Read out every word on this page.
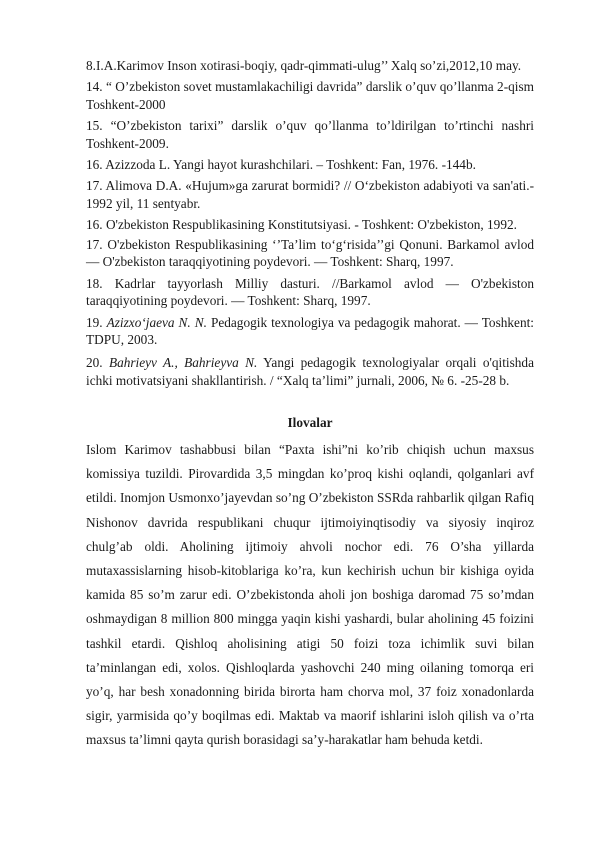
8.I.A.Karimov Inson xotirasi-boqiy, qadr-qimmati-ulug’’ Xalq so’zi,2012,10 may.

14. “ O’zbekiston sovet mustamlakachiligi davrida” darslik o’quv qo’llanma 2-qism Toshkent-2000

15. “O’zbekiston tarixi” darslik o’quv qo’llanma to’ldirilgan to’rtinchi nashri Toshkent-2009.

16. Azizzoda L. Yangi hayot kurashchilari. – Toshkent: Fan, 1976. -144b.

17. Alimova D.A. «Hujum»ga zarurat bormidi? // O‘zbekiston adabiyoti va san'ati.- 1992 yil, 11 sentyabr.

16. O'zbekiston Respublikasining Konstitutsiyasi. - Toshkent: O'zbekiston, 1992.

17. O'zbekiston Respublikasining ‘’Ta’lim to‘g‘risida’’gi Qonuni. Barkamol avlod — O'zbekiston taraqqiyotining poydevori. — Toshkent: Sharq, 1997.

18. Kadrlar tayyorlash Milliy dasturi. //Barkamol avlod — O'zbekiston taraqqiyotining poydevori. — Toshkent: Sharq, 1997.

19. Azizxo‘jaeva N. N. Pedagogik texnologiya va pedagogik mahorat. — Toshkent: TDPU, 2003.

20. Bahrieyv A., Bahrieyva N. Yangi pedagogik texnologiyalar orqali o'qitishda ichki motivatsiyani shakllantirish. / “Xalq ta’limi” jurnali, 2006, № 6. -25-28 b.

Ilovalar

Islom Karimov tashabbusi bilan “Paxta ishi”ni ko’rib chiqish uchun maxsus komissiya tuzildi. Pirovardida 3,5 mingdan ko’proq kishi oqlandi, qolganlari avf etildi. Inomjon Usmonxo’jayevdan so’ng O’zbekiston SSRda rahbarlik qilgan Rafiq Nishonov davrida respublikani chuqur ijtimoiyinqtisodiy va siyosiy inqiroz chulg’ab oldi. Aholining ijtimoiy ahvoli nochor edi. 76 O’sha yillarda mutaxassislarning hisob-kitoblariga ko’ra, kun kechirish uchun bir kishiga oyida kamida 85 so’m zarur edi. O’zbekistonda aholi jon boshiga daromad 75 so’mdan oshmaydigan 8 million 800 mingga yaqin kishi yashardi, bular aholining 45 foizini tashkil etardi. Qishloq aholisining atigi 50 foizi toza ichimlik suvi bilan ta’minlangan edi, xolos. Qishloqlarda yashovchi 240 ming oilaning tomorqa eri yo’q, har besh xonadonning birida birorta ham chorva mol, 37 foiz xonadonlarda sigir, yarmisida qo’y boqilmas edi. Maktab va maorif ishlarini isloh qilish va o’rta maxsus ta’limni qayta qurish borasidagi sa’y-harakatlar ham behuda ketdi.
